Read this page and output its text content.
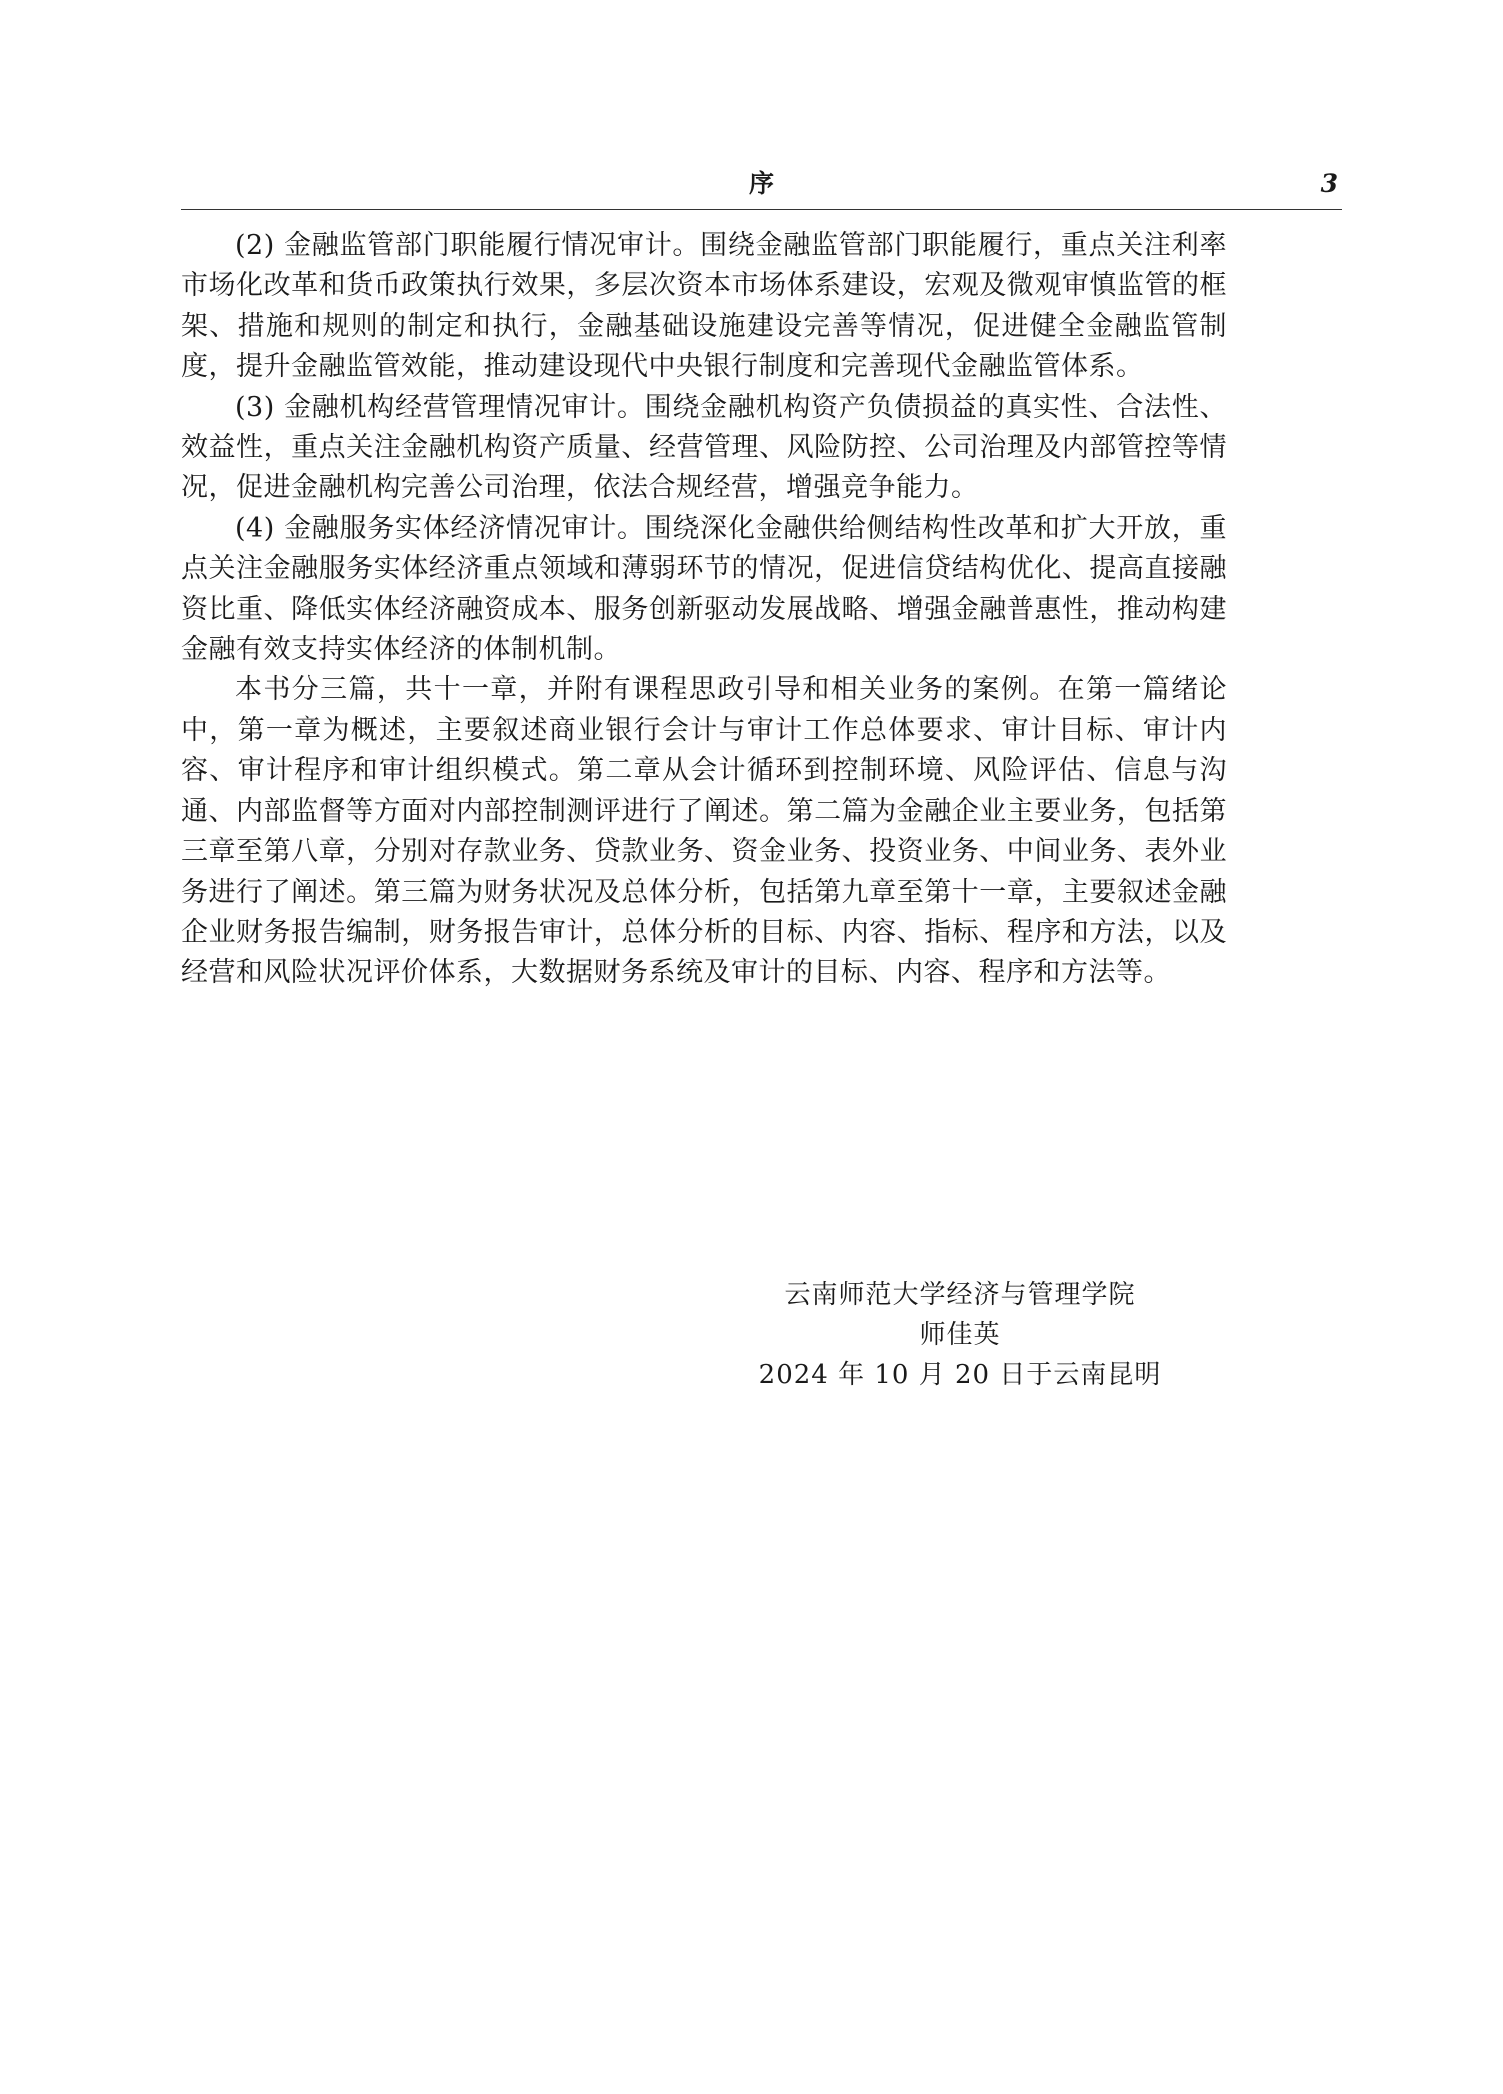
序	3

(2) 金融监管部门职能履行情况审计。围绕金融监管部门职能履行，重点关注利率市场化改革和货币政策执行效果，多层次资本市场体系建设，宏观及微观审慎监管的框架、措施和规则的制定和执行，金融基础设施建设完善等情况，促进健全金融监管制度，提升金融监管效能，推动建设现代中央银行制度和完善现代金融监管体系。

(3) 金融机构经营管理情况审计。围绕金融机构资产负债损益的真实性、合法性、效益性，重点关注金融机构资产质量、经营管理、风险防控、公司治理及内部管控等情况，促进金融机构完善公司治理，依法合规经营，增强竞争能力。

(4) 金融服务实体经济情况审计。围绕深化金融供给侧结构性改革和扩大开放，重点关注金融服务实体经济重点领域和薄弱环节的情况，促进信贷结构优化、提高直接融资比重、降低实体经济融资成本、服务创新驱动发展战略、增强金融普惠性，推动构建金融有效支持实体经济的体制机制。

本书分三篇，共十一章，并附有课程思政引导和相关业务的案例。在第一篇绪论中，第一章为概述，主要叙述商业银行会计与审计工作总体要求、审计目标、审计内容、审计程序和审计组织模式。第二章从会计循环到控制环境、风险评估、信息与沟通、内部监督等方面对内部控制测评进行了阐述。第二篇为金融企业主要业务，包括第三章至第八章，分别对存款业务、贷款业务、资金业务、投资业务、中间业务、表外业务进行了阐述。第三篇为财务状况及总体分析，包括第九章至第十一章，主要叙述金融企业财务报告编制，财务报告审计，总体分析的目标、内容、指标、程序和方法，以及经营和风险状况评价体系，大数据财务系统及审计的目标、内容、程序和方法等。

云南师范大学经济与管理学院
师佳英
2024 年 10 月 20 日于云南昆明
